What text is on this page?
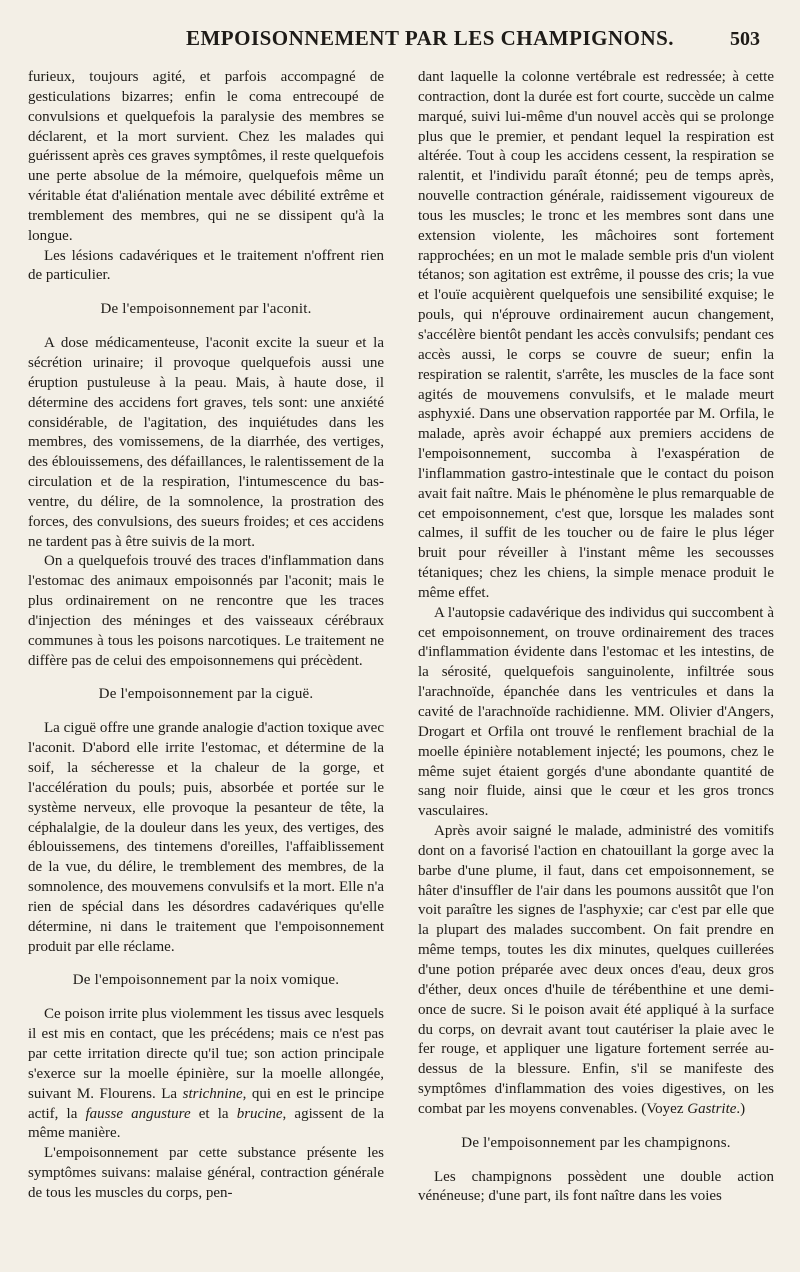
EMPOISONNEMENT PAR LES CHAMPIGNONS.	503

furieux, toujours agité, et parfois accompagné de gesticulations bizarres; enfin le coma entrecoupé de convulsions et quelquefois la paralysie des membres se déclarent, et la mort survient. Chez les malades qui guérissent après ces graves symptômes, il reste quelquefois une perte absolue de la mémoire, quelquefois même un véritable état d'aliénation mentale avec débilité extrême et tremblement des membres, qui ne se dissipent qu'à la longue.

Les lésions cadavériques et le traitement n'offrent rien de particulier.

De l'empoisonnement par l'aconit.

A dose médicamenteuse, l'aconit excite la sueur et la sécrétion urinaire; il provoque quelquefois aussi une éruption pustuleuse à la peau. Mais, à haute dose, il détermine des accidens fort graves, tels sont: une anxiété considérable, de l'agitation, des inquiétudes dans les membres, des vomissemens, de la diarrhée, des vertiges, des éblouissemens, des défaillances, le ralentissement de la circulation et de la respiration, l'intumescence du bas-ventre, du délire, de la somnolence, la prostration des forces, des convulsions, des sueurs froides; et ces accidens ne tardent pas à être suivis de la mort.

On a quelquefois trouvé des traces d'inflammation dans l'estomac des animaux empoisonnés par l'aconit; mais le plus ordinairement on ne rencontre que les traces d'injection des méninges et des vaisseaux cérébraux communes à tous les poisons narcotiques. Le traitement ne diffère pas de celui des empoisonnemens qui précèdent.

De l'empoisonnement par la ciguë.

La ciguë offre une grande analogie d'action toxique avec l'aconit. D'abord elle irrite l'estomac, et détermine de la soif, la sécheresse et la chaleur de la gorge, et l'accélération du pouls; puis, absorbée et portée sur le système nerveux, elle provoque la pesanteur de tête, la céphalalgie, de la douleur dans les yeux, des vertiges, des éblouissemens, des tintemens d'oreilles, l'affaiblissement de la vue, du délire, le tremblement des membres, de la somnolence, des mouvemens convulsifs et la mort. Elle n'a rien de spécial dans les désordres cadavériques qu'elle détermine, ni dans le traitement que l'empoisonnement produit par elle réclame.

De l'empoisonnement par la noix vomique.

Ce poison irrite plus violemment les tissus avec lesquels il est mis en contact, que les précédens; mais ce n'est pas par cette irritation directe qu'il tue; son action principale s'exerce sur la moelle épinière, sur la moelle allongée, suivant M. Flourens. La strichnine, qui en est le principe actif, la fausse angusture et la brucine, agissent de la même manière.

L'empoisonnement par cette substance présente les symptômes suivans: malaise général, contraction générale de tous les muscles du corps, pen-

dant laquelle la colonne vertébrale est redressée; à cette contraction, dont la durée est fort courte, succède un calme marqué, suivi lui-même d'un nouvel accès qui se prolonge plus que le premier, et pendant lequel la respiration est altérée. Tout à coup les accidens cessent, la respiration se ralentit, et l'individu paraît étonné; peu de temps après, nouvelle contraction générale, raidissement vigoureux de tous les muscles; le tronc et les membres sont dans une extension violente, les mâchoires sont fortement rapprochées; en un mot le malade semble pris d'un violent tétanos; son agitation est extrême, il pousse des cris; la vue et l'ouïe acquièrent quelquefois une sensibilité exquise; le pouls, qui n'éprouve ordinairement aucun changement, s'accélère bientôt pendant les accès convulsifs; pendant ces accès aussi, le corps se couvre de sueur; enfin la respiration se ralentit, s'arrête, les muscles de la face sont agités de mouvemens convulsifs, et le malade meurt asphyxié. Dans une observation rapportée par M. Orfila, le malade, après avoir échappé aux premiers accidens de l'empoisonnement, succomba à l'exaspération de l'inflammation gastro-intestinale que le contact du poison avait fait naître. Mais le phénomène le plus remarquable de cet empoisonnement, c'est que, lorsque les malades sont calmes, il suffit de les toucher ou de faire le plus léger bruit pour réveiller à l'instant même les secousses tétaniques; chez les chiens, la simple menace produit le même effet.

A l'autopsie cadavérique des individus qui succombent à cet empoisonnement, on trouve ordinairement des traces d'inflammation évidente dans l'estomac et les intestins, de la sérosité, quelquefois sanguinolente, infiltrée sous l'arachnoïde, épanchée dans les ventricules et dans la cavité de l'arachnoïde rachidienne. MM. Olivier d'Angers, Drogart et Orfila ont trouvé le renflement brachial de la moelle épinière notablement injecté; les poumons, chez le même sujet étaient gorgés d'une abondante quantité de sang noir fluide, ainsi que le cœur et les gros troncs vasculaires.

Après avoir saigné le malade, administré des vomitifs dont on a favorisé l'action en chatouillant la gorge avec la barbe d'une plume, il faut, dans cet empoisonnement, se hâter d'insuffler de l'air dans les poumons aussitôt que l'on voit paraître les signes de l'asphyxie; car c'est par elle que la plupart des malades succombent. On fait prendre en même temps, toutes les dix minutes, quelques cuillerées d'une potion préparée avec deux onces d'eau, deux gros d'éther, deux onces d'huile de térébenthine et une demi-once de sucre. Si le poison avait été appliqué à la surface du corps, on devrait avant tout cautériser la plaie avec le fer rouge, et appliquer une ligature fortement serrée au-dessus de la blessure. Enfin, s'il se manifeste des symptômes d'inflammation des voies digestives, on les combat par les moyens convenables. (Voyez Gastrite.)

De l'empoisonnement par les champignons.

Les champignons possèdent une double action vénéneuse; d'une part, ils font naître dans les voies
